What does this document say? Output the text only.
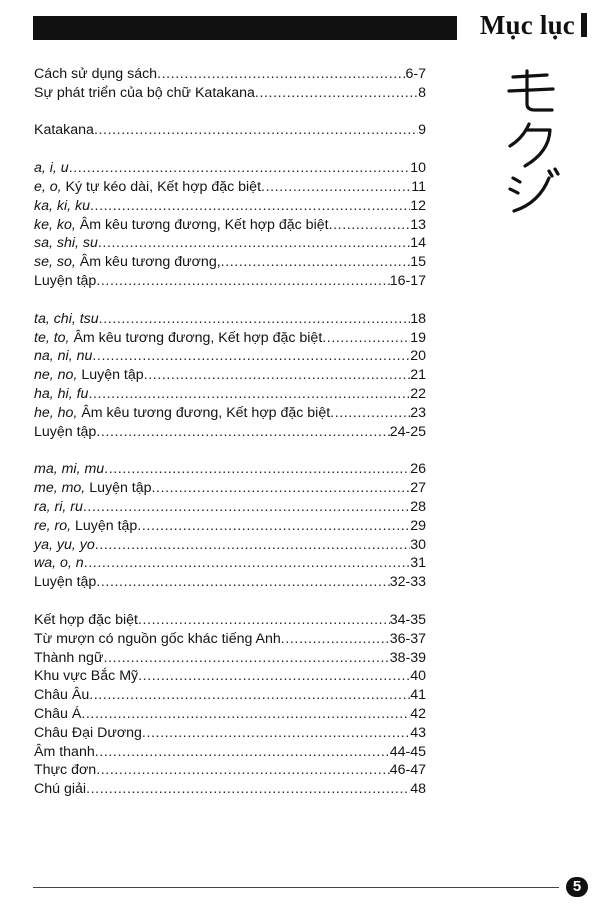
Mục lục
Cách sử dụng sách .....	6-7
Sự phát triển của bộ chữ Katakana .....	8
Katakana .....	9
a, i, u .....	10
e, o, Ký tự kéo dài, Kết hợp đặc biệt .....	11
ka, ki, ku .....	12
ke, ko, Âm kêu tương đương, Kết hợp đặc biệt .....	13
sa, shi, su .....	14
se, so, Âm kêu tương đương, .....	15
Luyện tập .....	16-17
ta, chi, tsu .....	18
te, to, Âm kêu tương đương, Kết hợp đặc biệt .....	19
na, ni, nu .....	20
ne, no, Luyện tập .....	21
ha, hi, fu .....	22
he, ho, Âm kêu tương đương, Kết hợp đặc biệt .....	23
Luyện tập .....	24-25
ma, mi, mu .....	26
me, mo, Luyện tập .....	27
ra, ri, ru .....	28
re, ro, Luyện tập .....	29
ya, yu, yo .....	30
wa, o, n .....	31
Luyện tập .....	32-33
Kết hợp đặc biệt .....	34-35
Từ mượn có nguồn gốc khác tiếng Anh .....	36-37
Thành ngữ .....	38-39
Khu vực Bắc Mỹ .....	40
Châu Âu .....	41
Châu Á .....	42
Châu Đại Dương .....	43
Âm thanh .....	44-45
Thực đơn .....	46-47
Chú giải .....	48
5
